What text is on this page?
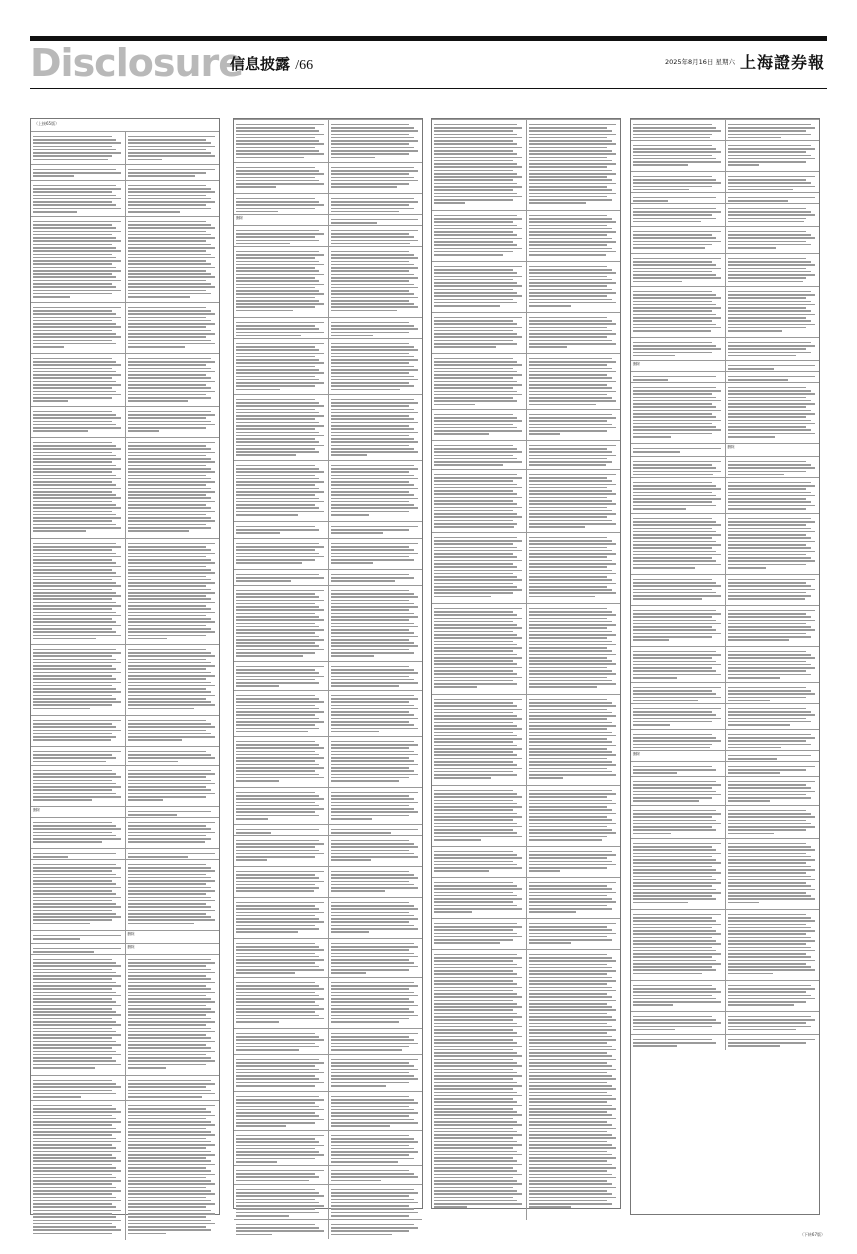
Disclosure
信息披露 /66	2025年8月16日 星期六 上海證券報
（上接65版）
删除
删除
删除
删除
删除
删除
删除
（下转67版）
